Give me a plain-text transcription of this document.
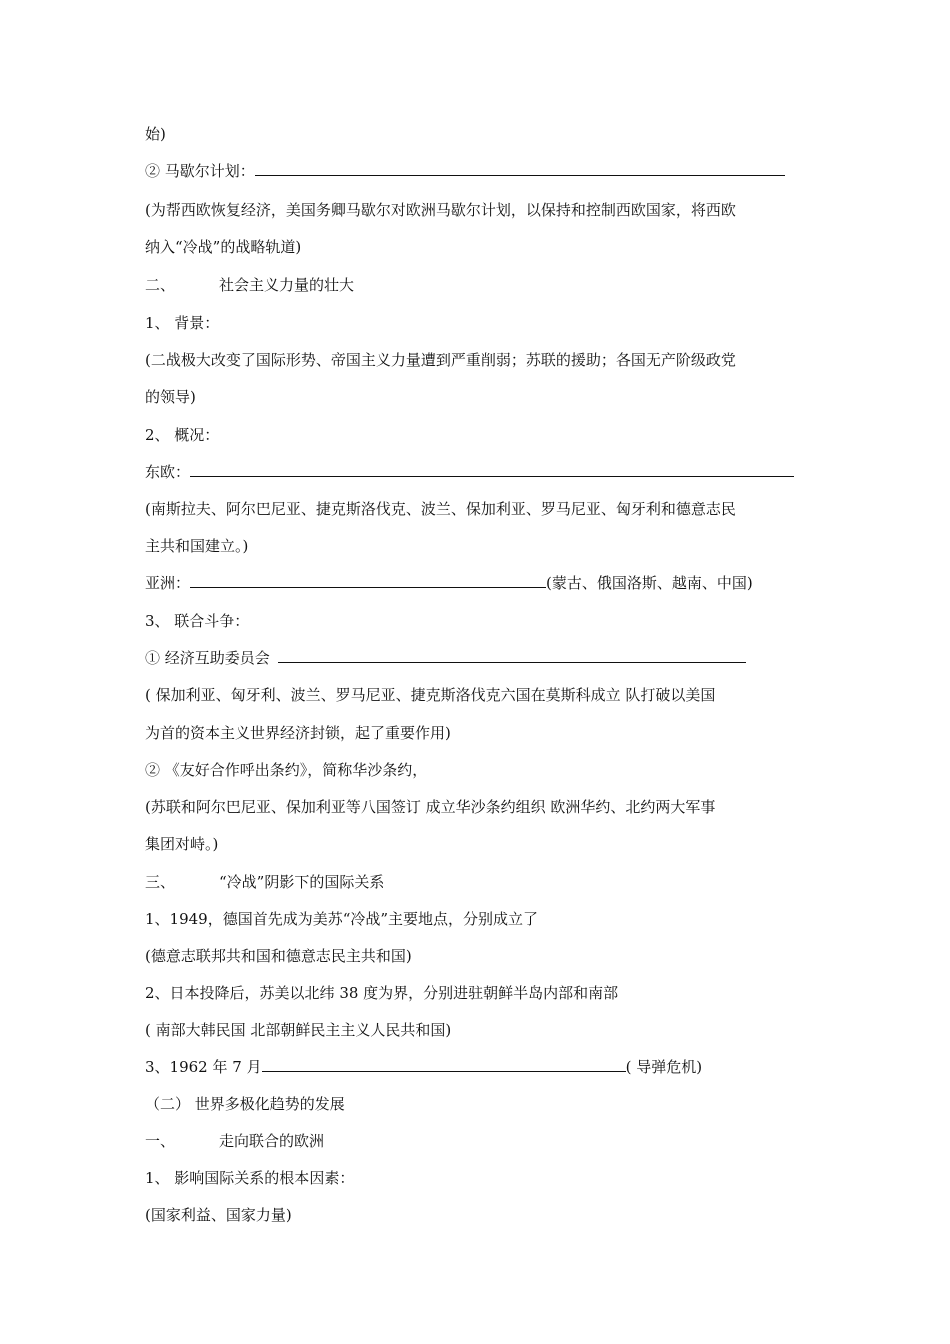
始)
② 马歇尔计划：
(为帮西欧恢复经济，美国务卿马歇尔对欧洲马歇尔计划，以保持和控制西欧国家，将西欧
纳入“冷战”的战略轨道)
二、	社会主义力量的壮大
1、 背景：
(二战极大改变了国际形势、帝国主义力量遭到严重削弱；苏联的援助；各国无产阶级政党
的领导)
2、 概况：
东欧：
(南斯拉夫、阿尔巴尼亚、捷克斯洛伐克、波兰、保加利亚、罗马尼亚、匈牙利和德意志民
主共和国建立。)
亚洲：	(蒙古、俄国洛斯、越南、中国)
3、 联合斗争：
① 经济互助委员会
( 保加利亚、匈牙利、波兰、罗马尼亚、捷克斯洛伐克六国在莫斯科成立 队打破以美国
为首的资本主义世界经济封锁，起了重要作用)
② 《友好合作呼出条约》，简称华沙条约，
(苏联和阿尔巴尼亚、保加利亚等八国签订 成立华沙条约组织 欧洲华约、北约两大军事
集团对峙。)
三、	“冷战”阴影下的国际关系
1、1949，德国首先成为美苏“冷战”主要地点，分别成立了
(德意志联邦共和国和德意志民主共和国)
2、日本投降后，苏美以北纬 38 度为界，分别进驻朝鲜半岛内部和南部
( 南部大韩民国 北部朝鲜民主主义人民共和国)
3、1962 年 7 月	( 导弹危机)
（二） 世界多极化趋势的发展
一、	走向联合的欧洲
1、 影响国际关系的根本因素：
(国家利益、国家力量)
